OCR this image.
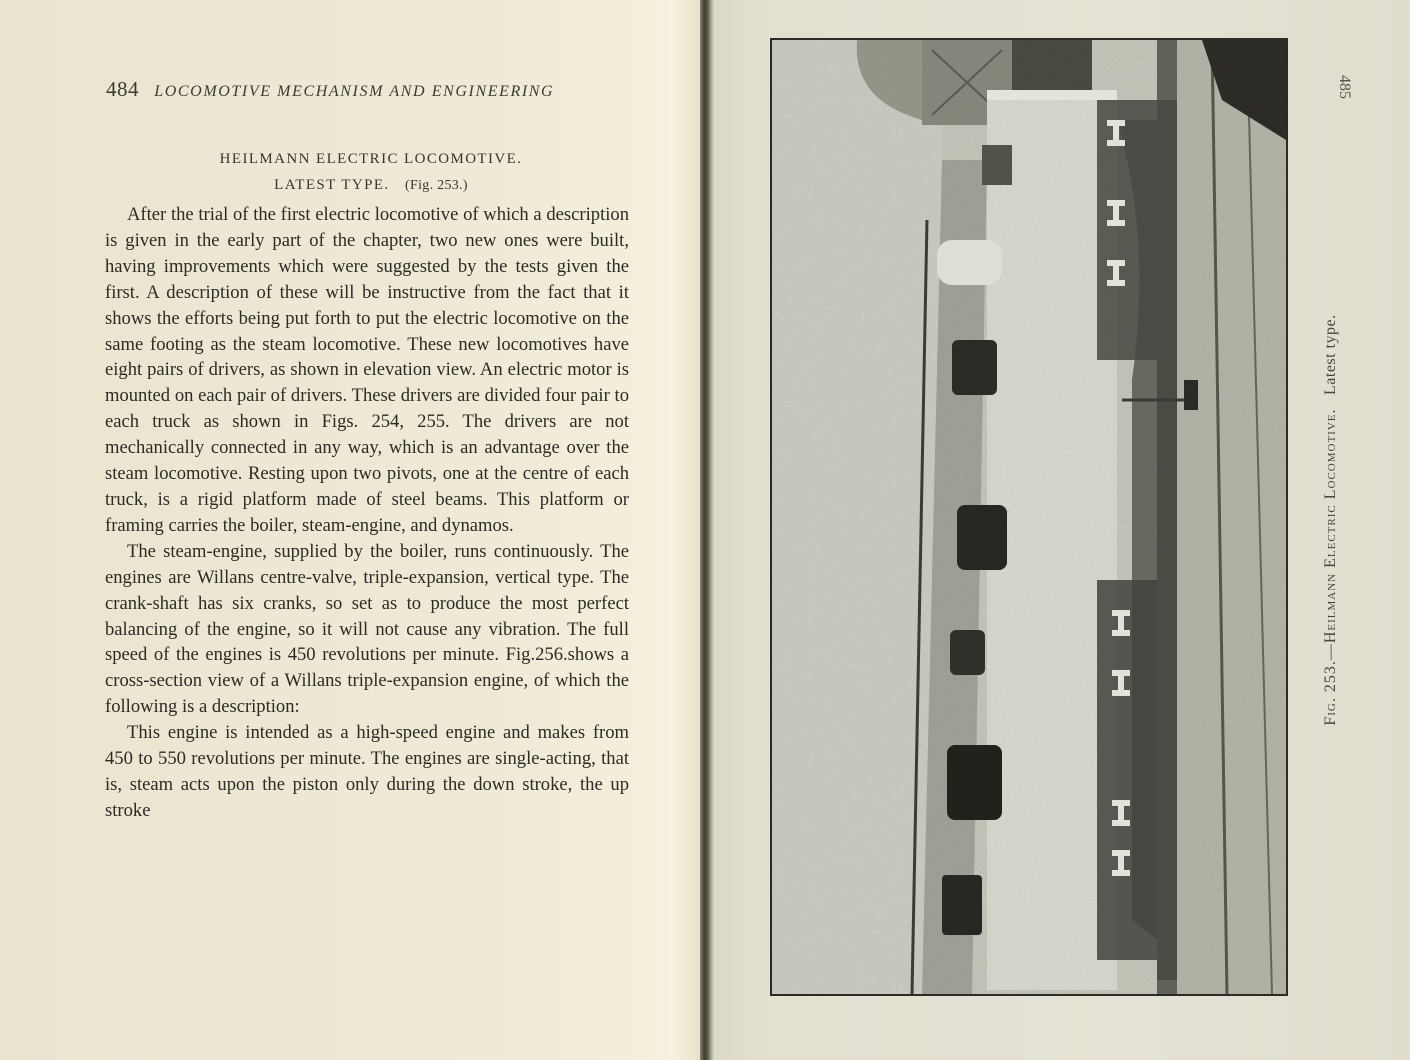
484 LOCOMOTIVE MECHANISM AND ENGINEERING
HEILMANN ELECTRIC LOCOMOTIVE.
LATEST TYPE. (Fig. 253.)

After the trial of the first electric locomotive of which a description is given in the early part of the chapter, two new ones were built, having improvements which were suggested by the tests given the first. A description of these will be instructive from the fact that it shows the efforts being put forth to put the electric locomotive on the same footing as the steam locomotive. These new locomotives have eight pairs of drivers, as shown in elevation view. An electric motor is mounted on each pair of drivers. These drivers are divided four pair to each truck as shown in Figs. 254, 255. The drivers are not mechanically connected in any way, which is an advantage over the steam locomotive. Resting upon two pivots, one at the centre of each truck, is a rigid platform made of steel beams. This platform or framing carries the boiler, steam-engine, and dynamos.

The steam-engine, supplied by the boiler, runs continuously. The engines are Willans centre-valve, triple-expansion, vertical type. The crank-shaft has six cranks, so set as to produce the most perfect balancing of the engine, so it will not cause any vibration. The full speed of the engines is 450 revolutions per minute. Fig.256.shows a cross-section view of a Willans triple-expansion engine, of which the following is a description:

This engine is intended as a high-speed engine and makes from 450 to 550 revolutions per minute. The engines are single-acting, that is, steam acts upon the piston only during the down stroke, the up stroke

485
Fig. 253.—Heilmann Electric Locomotive.   Latest type.
